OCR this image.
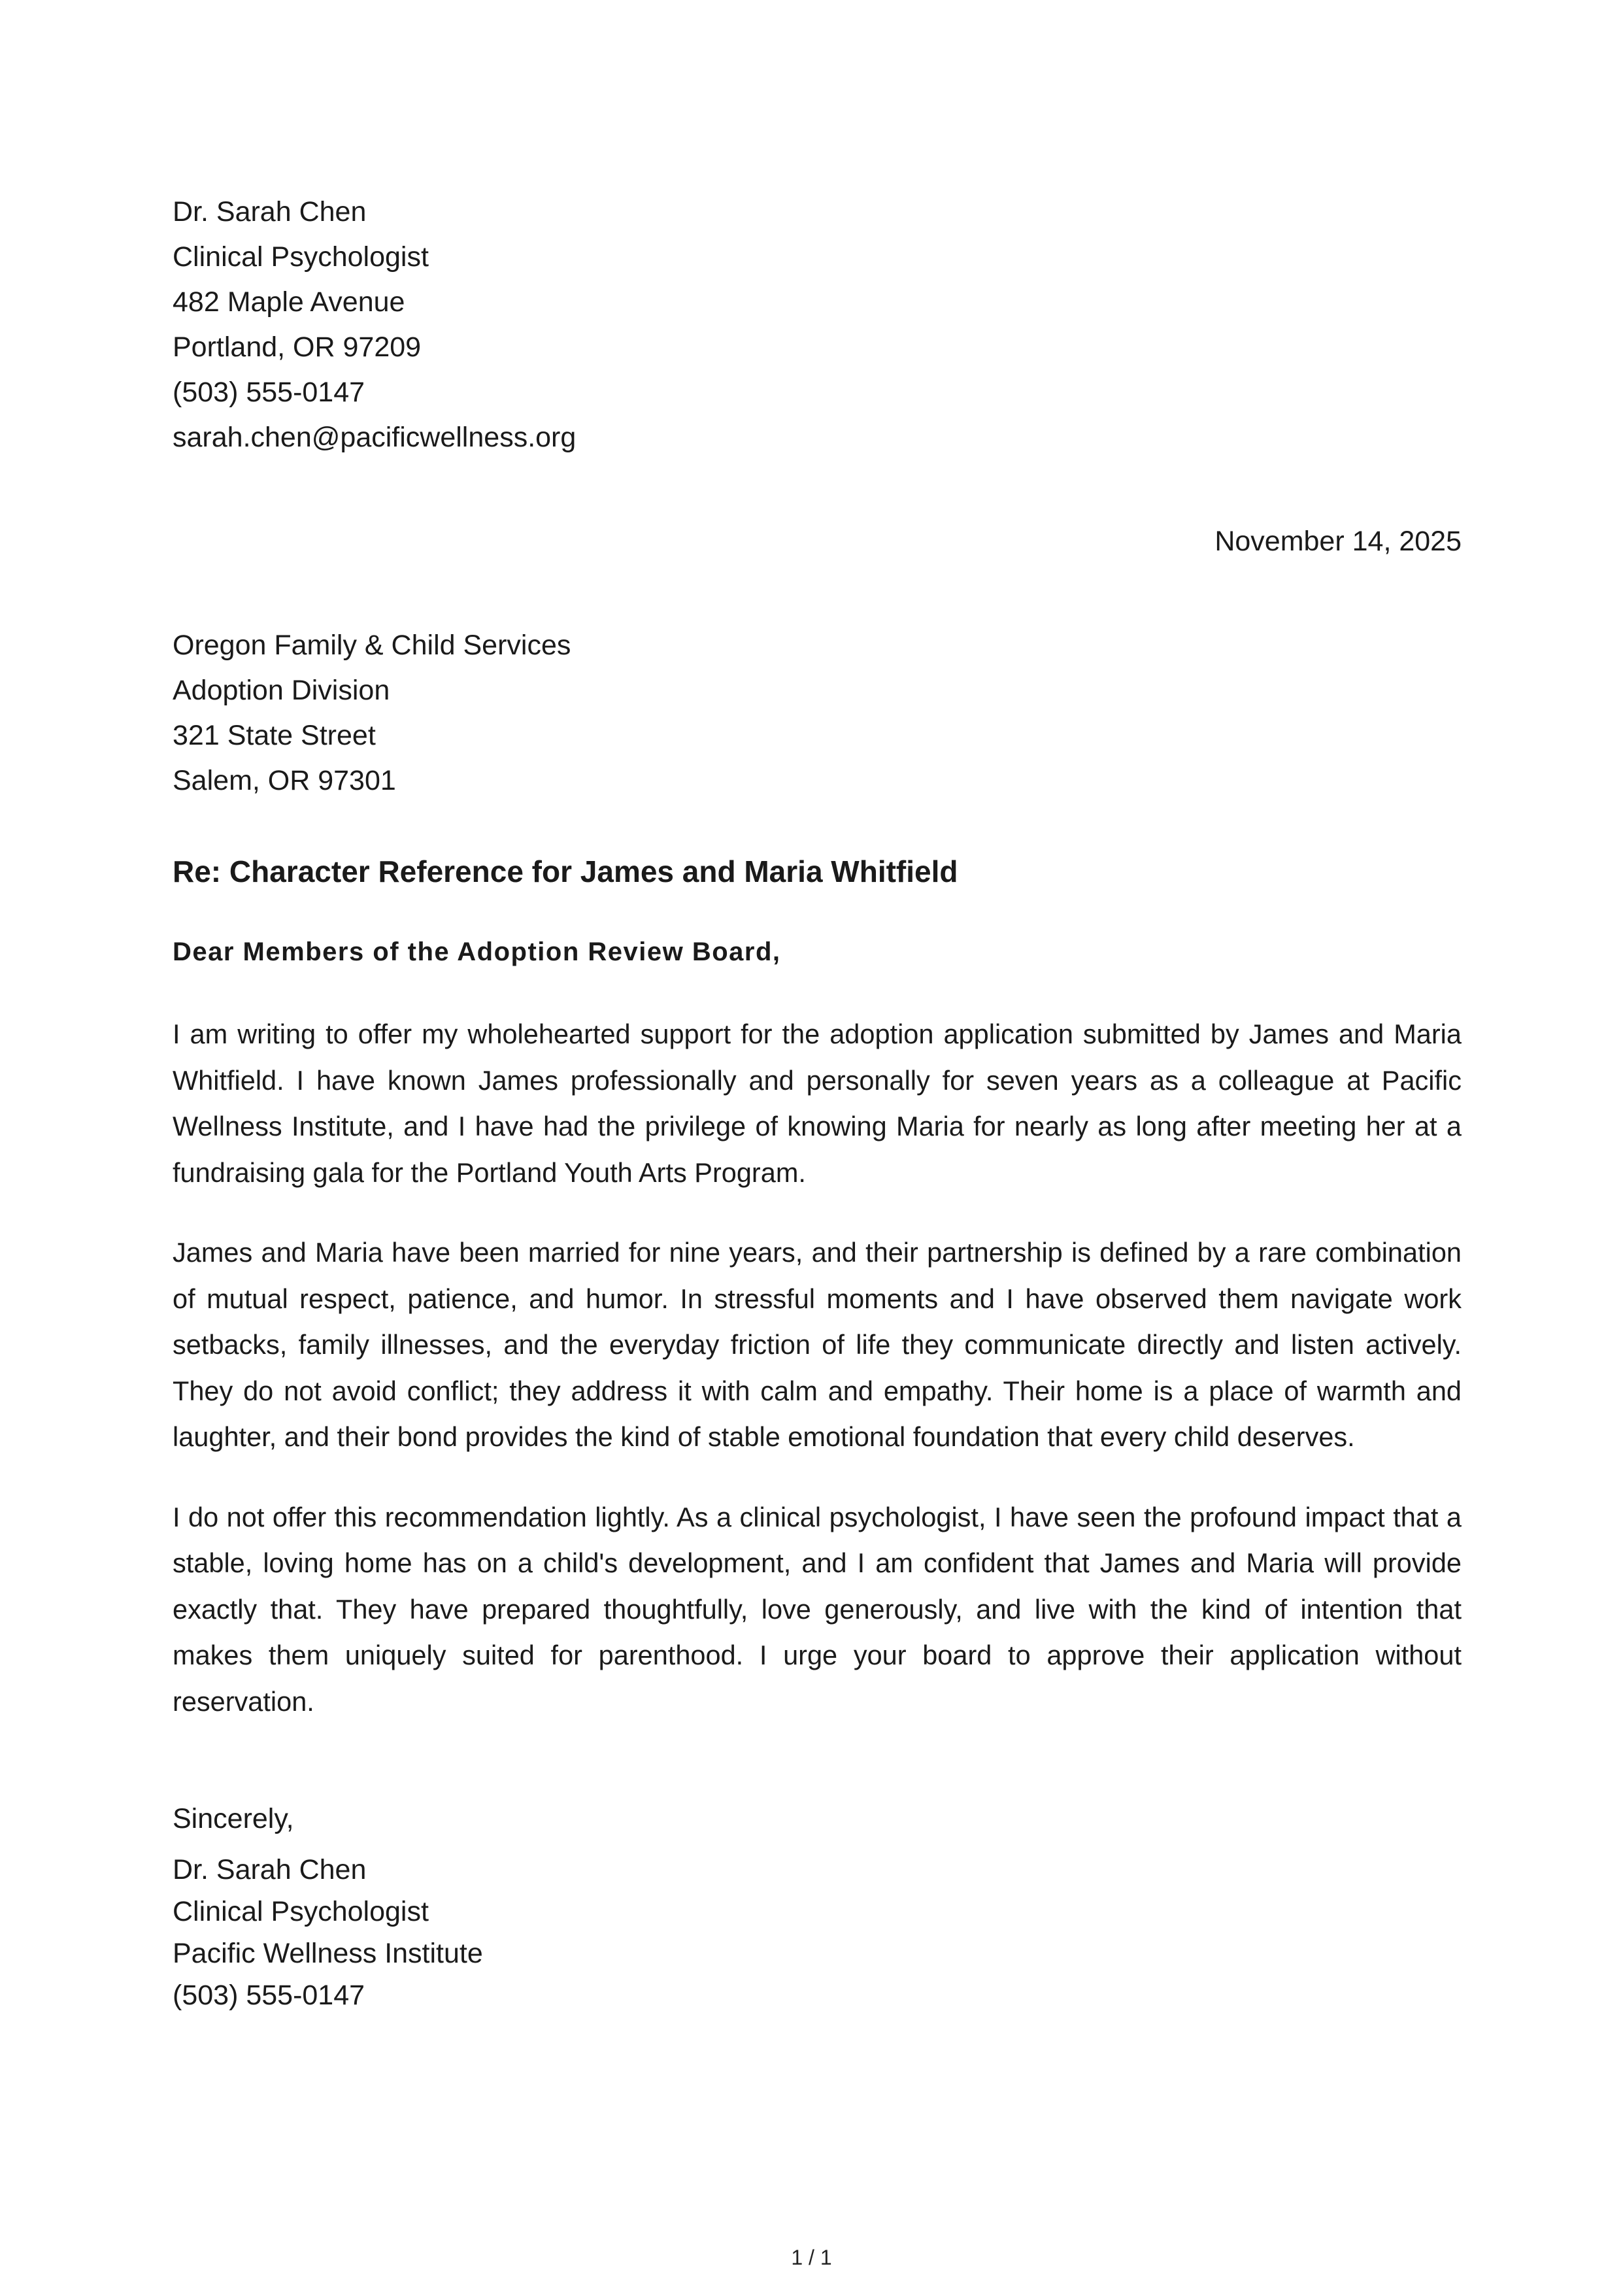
Dr. Sarah Chen
Clinical Psychologist
482 Maple Avenue
Portland, OR 97209
(503) 555-0147
sarah.chen@pacificwellness.org
November 14, 2025
Oregon Family & Child Services
Adoption Division
321 State Street
Salem, OR 97301
Re: Character Reference for James and Maria Whitfield
Dear Members of the Adoption Review Board,

I am writing to offer my wholehearted support for the adoption application submitted by James and Maria Whitfield. I have known James professionally and personally for seven years as a colleague at Pacific Wellness Institute, and I have had the privilege of knowing Maria for nearly as long after meeting her at a fundraising gala for the Portland Youth Arts Program.

James and Maria have been married for nine years, and their partnership is defined by a rare combination of mutual respect, patience, and humor. In stressful moments and I have observed them navigate work setbacks, family illnesses, and the everyday friction of life they communicate directly and listen actively. They do not avoid conflict; they address it with calm and empathy. Their home is a place of warmth and laughter, and their bond provides the kind of stable emotional foundation that every child deserves.

I do not offer this recommendation lightly. As a clinical psychologist, I have seen the profound impact that a stable, loving home has on a child's development, and I am confident that James and Maria will provide exactly that. They have prepared thoughtfully, love generously, and live with the kind of intention that makes them uniquely suited for parenthood. I urge your board to approve their application without reservation.

Sincerely,
Dr. Sarah Chen
Clinical Psychologist
Pacific Wellness Institute
(503) 555-0147
1 / 1
